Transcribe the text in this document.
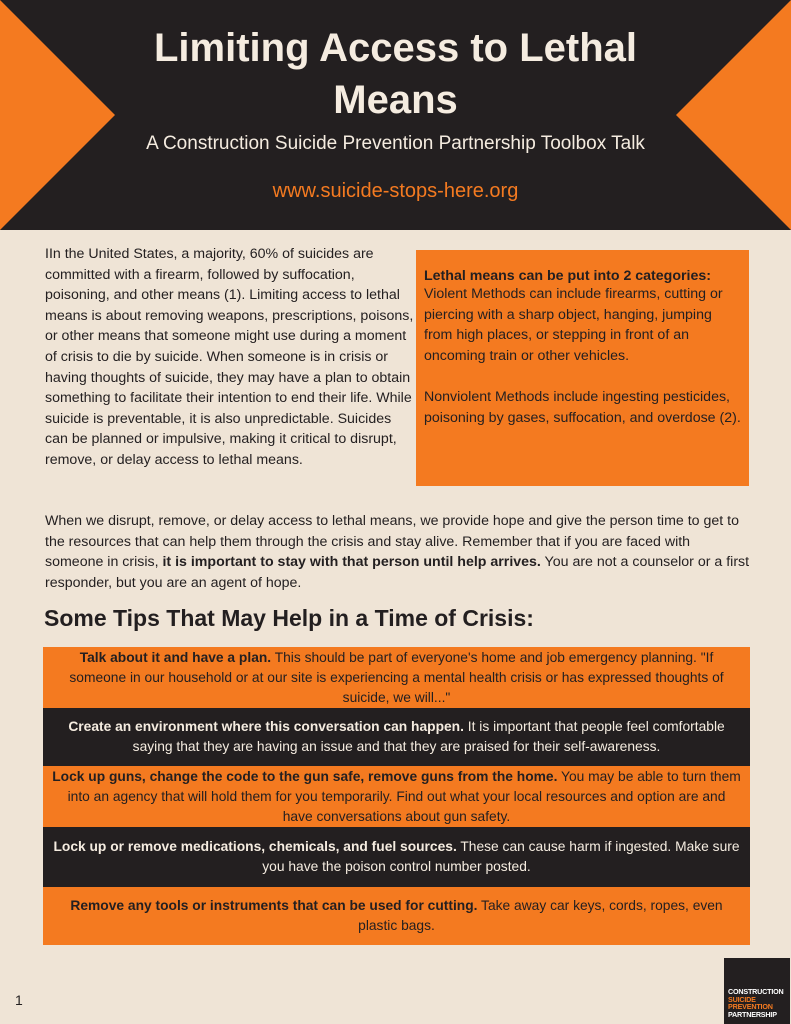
Limiting Access to Lethal Means

A Construction Suicide Prevention Partnership Toolbox Talk

www.suicide-stops-here.org

IIn the United States, a majority, 60% of suicides are committed with a firearm, followed by suffocation, poisoning, and other means (1). Limiting access to lethal means is about removing weapons, prescriptions, poisons, or other means that someone might use during a moment of crisis to die by suicide. When someone is in crisis or having thoughts of suicide, they may have a plan to obtain something to facilitate their intention to end their life. While suicide is preventable, it is also unpredictable. Suicides can be planned or impulsive, making it critical to disrupt, remove, or delay access to lethal means.

Lethal means can be put into 2 categories:

Violent Methods can include firearms, cutting or piercing with a sharp object, hanging, jumping from high places, or stepping in front of an oncoming train or other vehicles.

Nonviolent Methods include ingesting pesticides, poisoning by gases, suffocation, and overdose (2).

When we disrupt, remove, or delay access to lethal means, we provide hope and give the person time to get to the resources that can help them through the crisis and stay alive. Remember that if you are faced with someone in crisis, it is important to stay with that person until help arrives. You are not a counselor or a first responder, but you are an agent of hope.

Some Tips That May Help in a Time of Crisis:
Talk about it and have a plan. This should be part of everyone's home and job emergency planning. "If someone in our household or at our site is experiencing a mental health crisis or has expressed thoughts of suicide, we will..."
Create an environment where this conversation can happen. It is important that people feel comfortable saying that they are having an issue and that they are praised for their self-awareness.
Lock up guns, change the code to the gun safe, remove guns from the home. You may be able to turn them into an agency that will hold them for you temporarily. Find out what your local resources and option are and have conversations about gun safety.
Lock up or remove medications, chemicals, and fuel sources. These can cause harm if ingested. Make sure you have the poison control number posted.
Remove any tools or instruments that can be used for cutting. Take away car keys, cords, ropes, even plastic bags.
1
CONSTRUCTION
SUICIDE
PREVENTION
PARTNERSHIP
